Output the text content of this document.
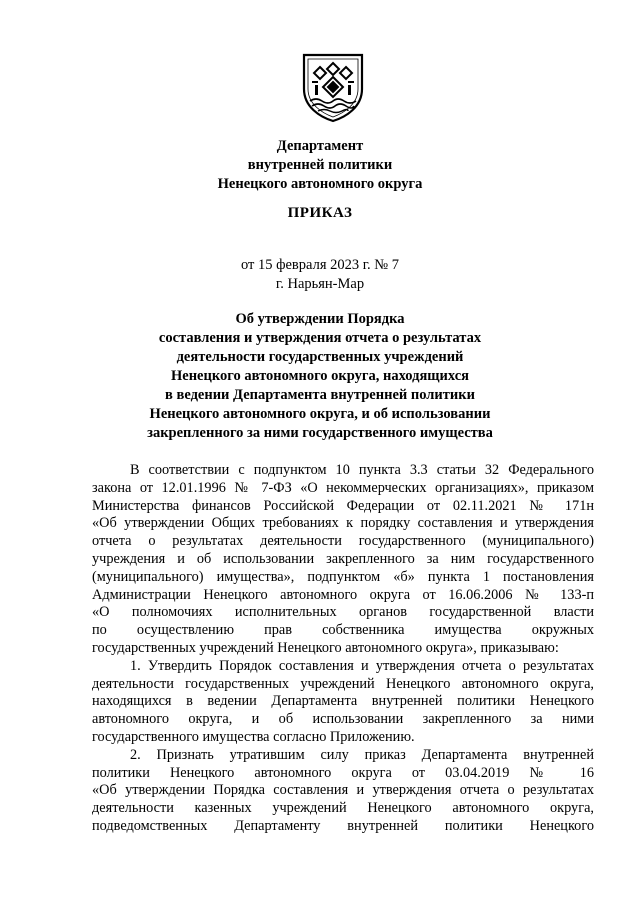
Департамент
внутренней политики
Ненецкого автономного округа
ПРИКАЗ
от 15 февраля 2023 г. № 7
г. Нарьян-Мар
Об утверждении Порядка
составления и утверждения отчета о результатах
деятельности государственных учреждений
Ненецкого автономного округа, находящихся
в ведении Департамента внутренней политики
Ненецкого автономного округа, и об использовании
закрепленного за ними государственного имущества
В соответствии с подпунктом 10 пункта 3.3 статьи 32 Федерального
закона от 12.01.1996 № 7-ФЗ «О некоммерческих организациях», приказом
Министерства финансов Российской Федерации от 02.11.2021 № 171н
«Об утверждении Общих требованиях к порядку составления и утверждения
отчета о результатах деятельности государственного (муниципального)
учреждения и об использовании закрепленного за ним государственного
(муниципального) имущества», подпунктом «б» пункта 1 постановления
Администрации Ненецкого автономного округа от 16.06.2006 № 133-п
«О полномочиях исполнительных органов государственной власти
по осуществлению прав собственника имущества окружных
государственных учреждений Ненецкого автономного округа», приказываю:
1. Утвердить Порядок составления и утверждения отчета о результатах
деятельности государственных учреждений Ненецкого автономного округа,
находящихся в ведении Департамента внутренней политики Ненецкого
автономного округа, и об использовании закрепленного за ними
государственного имущества согласно Приложению.
2. Признать утратившим силу приказ Департамента внутренней
политики Ненецкого автономного округа от 03.04.2019 № 16
«Об утверждении Порядка составления и утверждения отчета о результатах
деятельности казенных учреждений Ненецкого автономного округа,
подведомственных Департаменту внутренней политики Ненецкого
